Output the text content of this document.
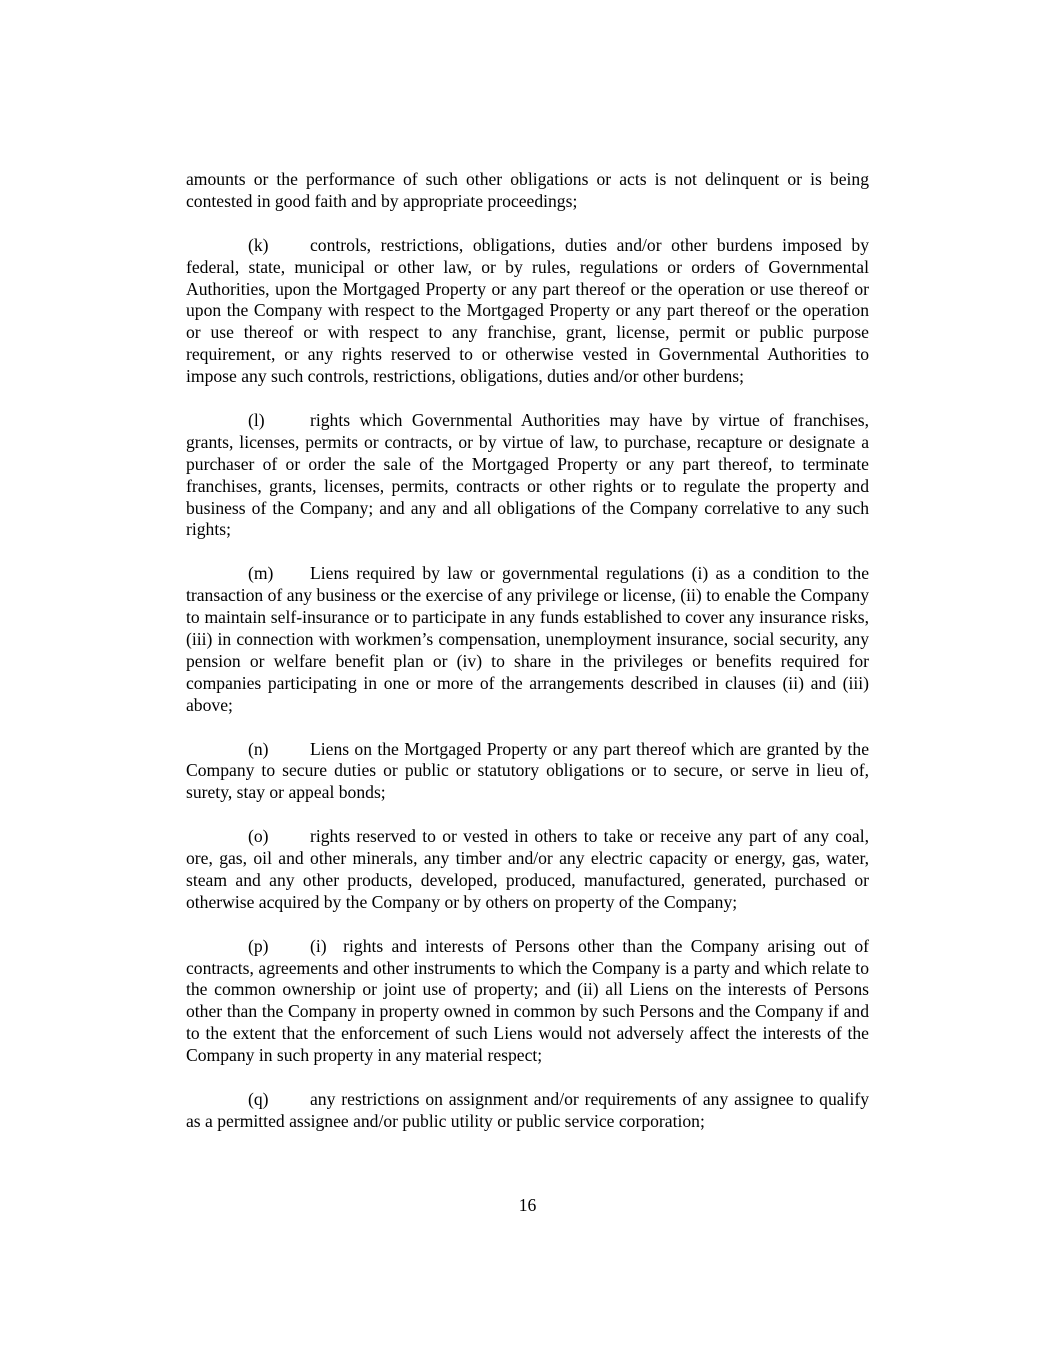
amounts or the performance of such other obligations or acts is not delinquent or is being contested in good faith and by appropriate proceedings;

(k) controls, restrictions, obligations, duties and/or other burdens imposed by federal, state, municipal or other law, or by rules, regulations or orders of Governmental Authorities, upon the Mortgaged Property or any part thereof or the operation or use thereof or upon the Company with respect to the Mortgaged Property or any part thereof or the operation or use thereof or with respect to any franchise, grant, license, permit or public purpose requirement, or any rights reserved to or otherwise vested in Governmental Authorities to impose any such controls, restrictions, obligations, duties and/or other burdens;

(l)	rights which Governmental Authorities may have by virtue of franchises, grants, licenses, permits or contracts, or by virtue of law, to purchase, recapture or designate a purchaser of or order the sale of the Mortgaged Property or any part thereof, to terminate franchises, grants, licenses, permits, contracts or other rights or to regulate the property and business of the Company; and any and all obligations of the Company correlative to any such rights;

(m) Liens required by law or governmental regulations (i) as a condition to the transaction of any business or the exercise of any privilege or license, (ii) to enable the Company to maintain self-insurance or to participate in any funds established to cover any insurance risks, (iii) in connection with workmen’s compensation, unemployment insurance, social security, any pension or welfare benefit plan or (iv) to share in the privileges or benefits required for companies participating in one or more of the arrangements described in clauses (ii) and (iii) above;

(n) Liens on the Mortgaged Property or any part thereof which are granted by the Company to secure duties or public or statutory obligations or to secure, or serve in lieu of, surety, stay or appeal bonds;

(o) rights reserved to or vested in others to take or receive any part of any coal, ore, gas, oil and other minerals, any timber and/or any electric capacity or energy, gas, water, steam and any other products, developed, produced, manufactured, generated, purchased or otherwise acquired by the Company or by others on property of the Company;

(p) (i)  rights and interests of Persons other than the Company arising out of contracts, agreements and other instruments to which the Company is a party and which relate to the common ownership or joint use of property; and (ii) all Liens on the interests of Persons other than the Company in property owned in common by such Persons and the Company if and to the extent that the enforcement of such Liens would not adversely affect the interests of the Company in such property in any material respect;

(q) any restrictions on assignment and/or requirements of any assignee to qualify as a permitted assignee and/or public utility or public service corporation;

16
